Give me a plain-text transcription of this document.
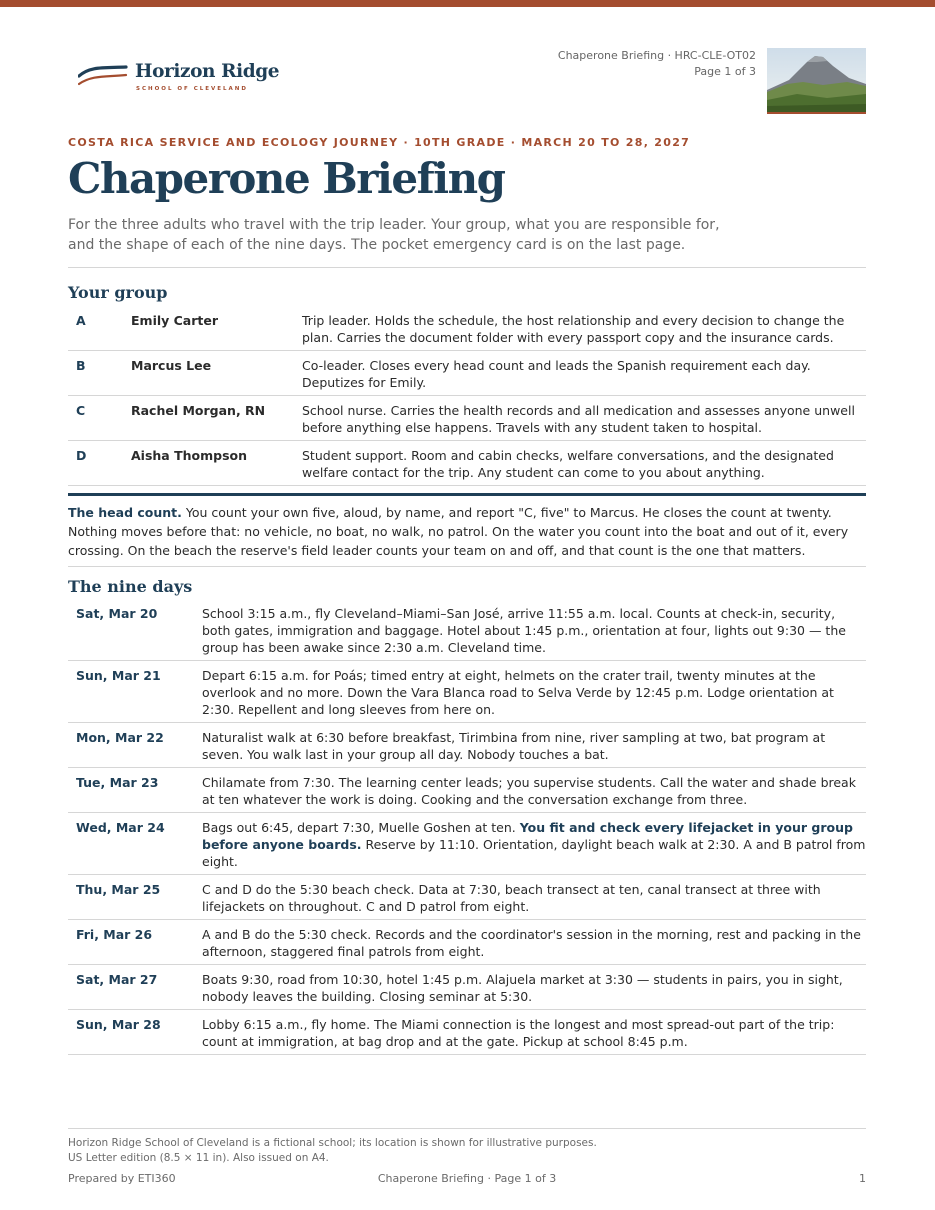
Horizon Ridge
SCHOOL OF CLEVELAND
Chaperone Briefing · HRC-CLE-OT02
Page 1 of 3
COSTA RICA SERVICE AND ECOLOGY JOURNEY · 10TH GRADE · MARCH 20 TO 28, 2027
Chaperone Briefing
For the three adults who travel with the trip leader. Your group, what you are responsible for, and the shape of each of the nine days. The pocket emergency card is on the last page.
Your group
A	Emily Carter	Trip leader. Holds the schedule, the host relationship and every decision to change the plan. Carries the document folder with every passport copy and the insurance cards.
B	Marcus Lee	Co-leader. Closes every head count and leads the Spanish requirement each day. Deputizes for Emily.
C	Rachel Morgan, RN	School nurse. Carries the health records and all medication and assesses anyone unwell before anything else happens. Travels with any student taken to hospital.
D	Aisha Thompson	Student support. Room and cabin checks, welfare conversations, and the designated welfare contact for the trip. Any student can come to you about anything.
The head count. You count your own five, aloud, by name, and report "C, five" to Marcus. He closes the count at twenty. Nothing moves before that: no vehicle, no boat, no walk, no patrol. On the water you count into the boat and out of it, every crossing. On the beach the reserve's field leader counts your team on and off, and that count is the one that matters.
The nine days
Sat, Mar 20	School 3:15 a.m., fly Cleveland–Miami–San José, arrive 11:55 a.m. local. Counts at check-in, security, both gates, immigration and baggage. Hotel about 1:45 p.m., orientation at four, lights out 9:30 — the group has been awake since 2:30 a.m. Cleveland time.
Sun, Mar 21	Depart 6:15 a.m. for Poás; timed entry at eight, helmets on the crater trail, twenty minutes at the overlook and no more. Down the Vara Blanca road to Selva Verde by 12:45 p.m. Lodge orientation at 2:30. Repellent and long sleeves from here on.
Mon, Mar 22	Naturalist walk at 6:30 before breakfast, Tirimbina from nine, river sampling at two, bat program at seven. You walk last in your group all day. Nobody touches a bat.
Tue, Mar 23	Chilamate from 7:30. The learning center leads; you supervise students. Call the water and shade break at ten whatever the work is doing. Cooking and the conversation exchange from three.
Wed, Mar 24	Bags out 6:45, depart 7:30, Muelle Goshen at ten. You fit and check every lifejacket in your group before anyone boards. Reserve by 11:10. Orientation, daylight beach walk at 2:30. A and B patrol from eight.
Thu, Mar 25	C and D do the 5:30 beach check. Data at 7:30, beach transect at ten, canal transect at three with lifejackets on throughout. C and D patrol from eight.
Fri, Mar 26	A and B do the 5:30 check. Records and the coordinator's session in the morning, rest and packing in the afternoon, staggered final patrols from eight.
Sat, Mar 27	Boats 9:30, road from 10:30, hotel 1:45 p.m. Alajuela market at 3:30 — students in pairs, you in sight, nobody leaves the building. Closing seminar at 5:30.
Sun, Mar 28	Lobby 6:15 a.m., fly home. The Miami connection is the longest and most spread-out part of the trip: count at immigration, at bag drop and at the gate. Pickup at school 8:45 p.m.
Horizon Ridge School of Cleveland is a fictional school; its location is shown for illustrative purposes.
US Letter edition (8.5 × 11 in). Also issued on A4.
Prepared by ETI360	Chaperone Briefing · Page 1 of 3	1
